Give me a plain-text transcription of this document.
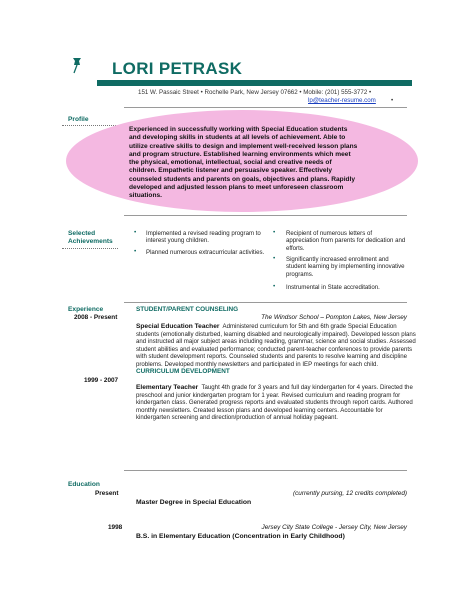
LORI PETRASK
151 W. Passaic Street • Rochelle Park, New Jersey 07662 • Mobile: (201) 555-3772 •
lp@teacher-resume.com •
Profile
Experienced in successfully working with Special Education students
and developing skills in students at all levels of achievement. Able to
utilize creative skills to design and implement well-received lesson plans
and program structure. Established learning environments which meet
the physical, emotional, intellectual, social and creative needs of
children. Empathetic listener and persuasive speaker. Effectively
counseled students and parents on goals, objectives and plans. Rapidly
developed and adjusted lesson plans to meet unforeseen classroom
situations.
Selected
Achievements
• Implemented a revised reading program to interest young children.
• Planned numerous extracurricular activities.
• Recipient of numerous letters of appreciation from parents for dedication and efforts.
• Significantly increased enrollment and student learning by implementing innovative programs.
• Instrumental in State accreditation.
Experience
2008 - Present
STUDENT/PARENT COUNSELING
The Windsor School – Pompton Lakes, New Jersey
Special Education Teacher Administered curriculum for 5th and 6th grade Special Education students (emotionally disturbed, learning disabled and neurologically impaired). Developed lesson plans and instructed all major subject areas including reading, grammar, science and social studies. Assessed student abilities and evaluated performance; conducted parent-teacher conferences to provide parents with student development reports. Counseled students and parents to resolve learning and discipline problems. Developed monthly newsletters and participated in IEP meetings for each child.
CURRICULUM DEVELOPMENT
1999 - 2007
Elementary Teacher Taught 4th grade for 3 years and full day kindergarten for 4 years. Directed the preschool and junior kindergarten program for 1 year. Revised curriculum and reading program for kindergarten class. Generated progress reports and evaluated students through report cards. Authored monthly newsletters. Created lesson plans and developed learning centers. Accountable for kindergarten screening and direction/production of annual holiday pageant.
Education
Present	(currently pursing, 12 credits completed)
Master Degree in Special Education
1998	Jersey City State College - Jersey City, New Jersey
B.S. in Elementary Education (Concentration in Early Childhood)
